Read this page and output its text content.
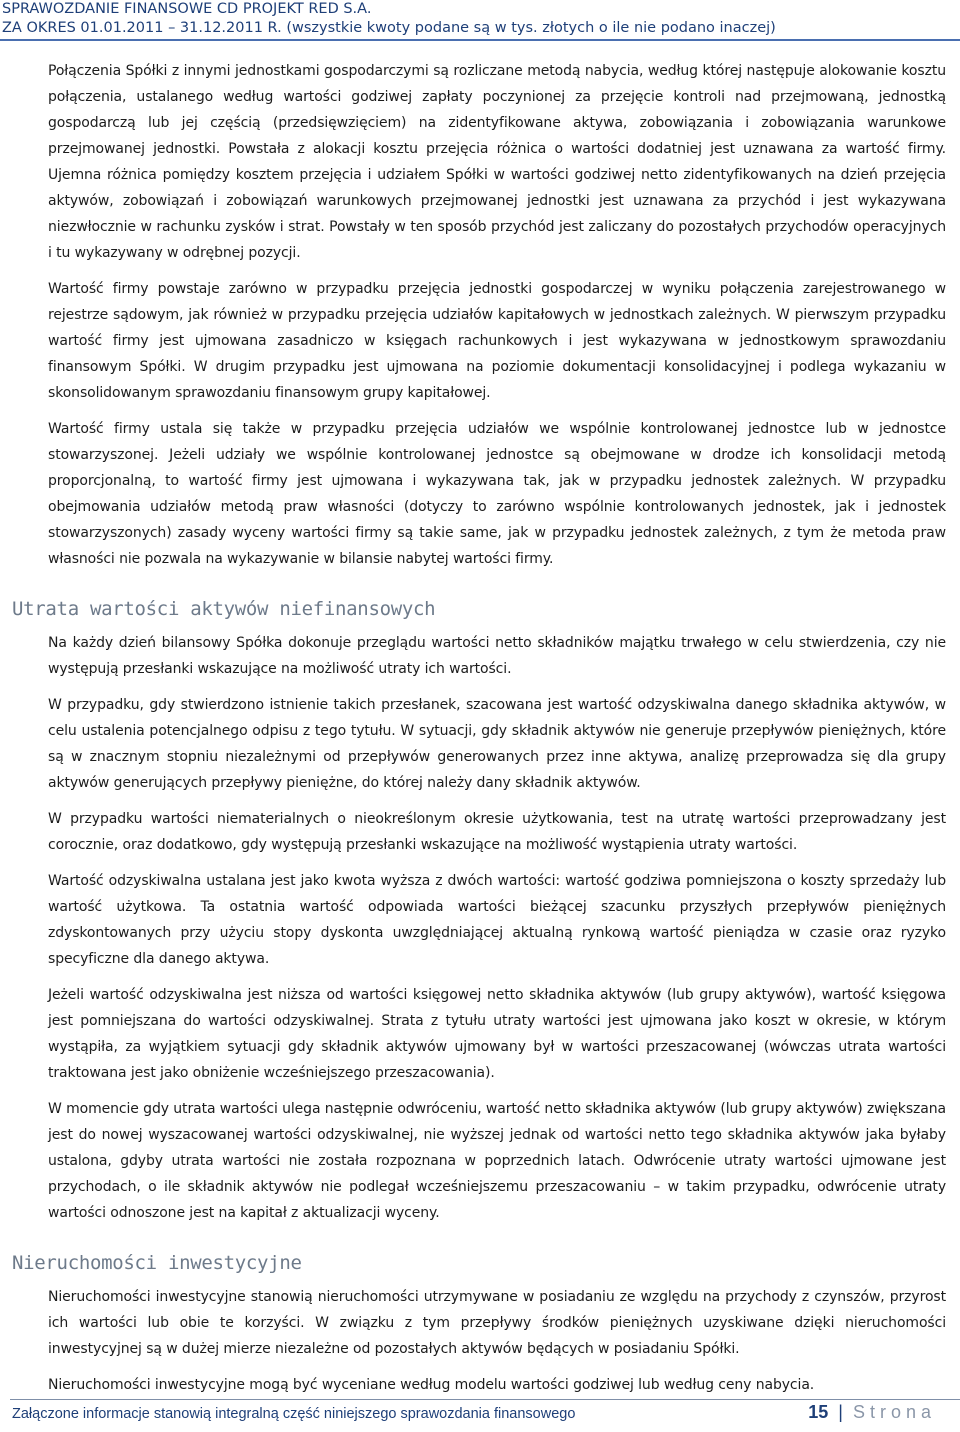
SPRAWOZDANIE FINANSOWE CD PROJEKT RED S.A.
ZA OKRES 01.01.2011 – 31.12.2011 R. (wszystkie kwoty podane są w tys. złotych o ile nie podano inaczej)

Połączenia Spółki z innymi jednostkami gospodarczymi są rozliczane metodą nabycia, według której następuje alokowanie kosztu połączenia, ustalanego według wartości godziwej zapłaty poczynionej za przejęcie kontroli nad przejmowaną, jednostką gospodarczą lub jej częścią (przedsięwzięciem) na zidentyfikowane aktywa, zobowiązania i zobowiązania warunkowe przejmowanej jednostki. Powstała z alokacji kosztu przejęcia różnica o wartości dodatniej jest uznawana za wartość firmy. Ujemna różnica pomiędzy kosztem przejęcia i udziałem Spółki w wartości godziwej netto zidentyfikowanych na dzień przejęcia aktywów, zobowiązań i zobowiązań warunkowych przejmowanej jednostki jest uznawana za przychód i jest wykazywana niezwłocznie w rachunku zysków i strat. Powstały w ten sposób przychód jest zaliczany do pozostałych przychodów operacyjnych i tu wykazywany w odrębnej pozycji.

Wartość firmy powstaje zarówno w przypadku przejęcia jednostki gospodarczej w wyniku połączenia zarejestrowanego w rejestrze sądowym, jak również w przypadku przejęcia udziałów kapitałowych w jednostkach zależnych. W pierwszym przypadku wartość firmy jest ujmowana zasadniczo w księgach rachunkowych i jest wykazywana w jednostkowym sprawozdaniu finansowym Spółki. W drugim przypadku jest ujmowana na poziomie dokumentacji konsolidacyjnej i podlega wykazaniu w skonsolidowanym sprawozdaniu finansowym grupy kapitałowej.

Wartość firmy ustala się także w przypadku przejęcia udziałów we wspólnie kontrolowanej jednostce lub w jednostce stowarzyszonej. Jeżeli udziały we wspólnie kontrolowanej jednostce są obejmowane w drodze ich konsolidacji metodą proporcjonalną, to wartość firmy jest ujmowana i wykazywana tak, jak w przypadku jednostek zależnych. W przypadku obejmowania udziałów metodą praw własności (dotyczy to zarówno wspólnie kontrolowanych jednostek, jak i jednostek stowarzyszonych) zasady wyceny wartości firmy są takie same, jak w przypadku jednostek zależnych, z tym że metoda praw własności nie pozwala na wykazywanie w bilansie nabytej wartości firmy.

Utrata wartości aktywów niefinansowych

Na każdy dzień bilansowy Spółka dokonuje przeglądu wartości netto składników majątku trwałego w celu stwierdzenia, czy nie występują przesłanki wskazujące na możliwość utraty ich wartości.

W przypadku, gdy stwierdzono istnienie takich przesłanek, szacowana jest wartość odzyskiwalna danego składnika aktywów, w celu ustalenia potencjalnego odpisu z tego tytułu. W sytuacji, gdy składnik aktywów nie generuje przepływów pieniężnych, które są w znacznym stopniu niezależnymi od przepływów generowanych przez inne aktywa, analizę przeprowadza się dla grupy aktywów generujących przepływy pieniężne, do której należy dany składnik aktywów.

W przypadku wartości niematerialnych o nieokreślonym okresie użytkowania, test na utratę wartości przeprowadzany jest corocznie, oraz dodatkowo, gdy występują przesłanki wskazujące na możliwość wystąpienia utraty wartości.

Wartość odzyskiwalna ustalana jest jako kwota wyższa z dwóch wartości: wartość godziwa pomniejszona o koszty sprzedaży lub wartość użytkowa. Ta ostatnia wartość odpowiada wartości bieżącej szacunku przyszłych przepływów pieniężnych zdyskontowanych przy użyciu stopy dyskonta uwzględniającej aktualną rynkową wartość pieniądza w czasie oraz ryzyko specyficzne dla danego aktywa.

Jeżeli wartość odzyskiwalna jest niższa od wartości księgowej netto składnika aktywów (lub grupy aktywów), wartość księgowa jest pomniejszana do wartości odzyskiwalnej. Strata z tytułu utraty wartości jest ujmowana jako koszt w okresie, w którym wystąpiła, za wyjątkiem sytuacji gdy składnik aktywów ujmowany był w wartości przeszacowanej (wówczas utrata wartości traktowana jest jako obniżenie wcześniejszego przeszacowania).

W momencie gdy utrata wartości ulega następnie odwróceniu, wartość netto składnika aktywów (lub grupy aktywów) zwiększana jest do nowej wyszacowanej wartości odzyskiwalnej, nie wyższej jednak od wartości netto tego składnika aktywów jaka byłaby ustalona, gdyby utrata wartości nie została rozpoznana w poprzednich latach. Odwrócenie utraty wartości ujmowane jest przychodach, o ile składnik aktywów nie podlegał wcześniejszemu przeszacowaniu – w takim przypadku, odwrócenie utraty wartości odnoszone jest na kapitał z aktualizacji wyceny.

Nieruchomości inwestycyjne

Nieruchomości inwestycyjne stanowią nieruchomości utrzymywane w posiadaniu ze względu na przychody z czynszów, przyrost ich wartości lub obie te korzyści. W związku z tym przepływy środków pieniężnych uzyskiwane dzięki nieruchomości inwestycyjnej są w dużej mierze niezależne od pozostałych aktywów będących w posiadaniu Spółki.

Nieruchomości inwestycyjne mogą być wyceniane według modelu wartości godziwej lub według ceny nabycia.

Załączone informacje stanowią integralną część niniejszego sprawozdania finansowego	15 | Strona
